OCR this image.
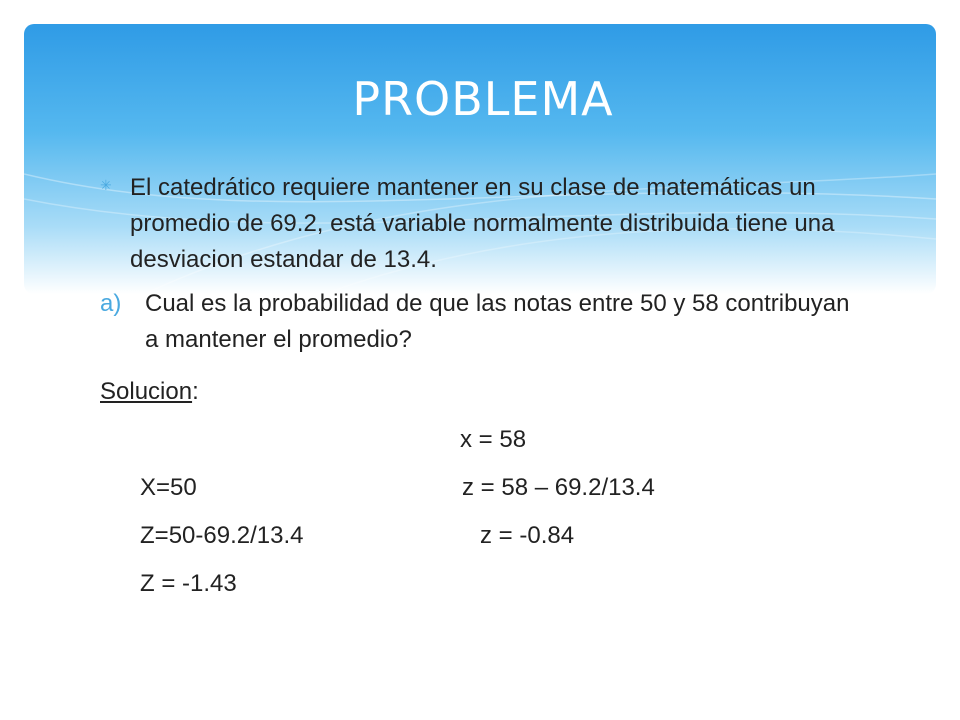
PROBLEMA
✳ El catedrático requiere mantener en su clase de matemáticas un promedio de 69.2, está variable normalmente distribuida tiene una desviacion estandar de 13.4.
a) Cual es la probabilidad de que las notas entre 50 y 58 contribuyan a mantener el promedio?
Solucion:

X=50

x = 58

Z=50-69.2/13.4

z = 58 – 69.2/13.4

Z = -1.43

z = -0.84
